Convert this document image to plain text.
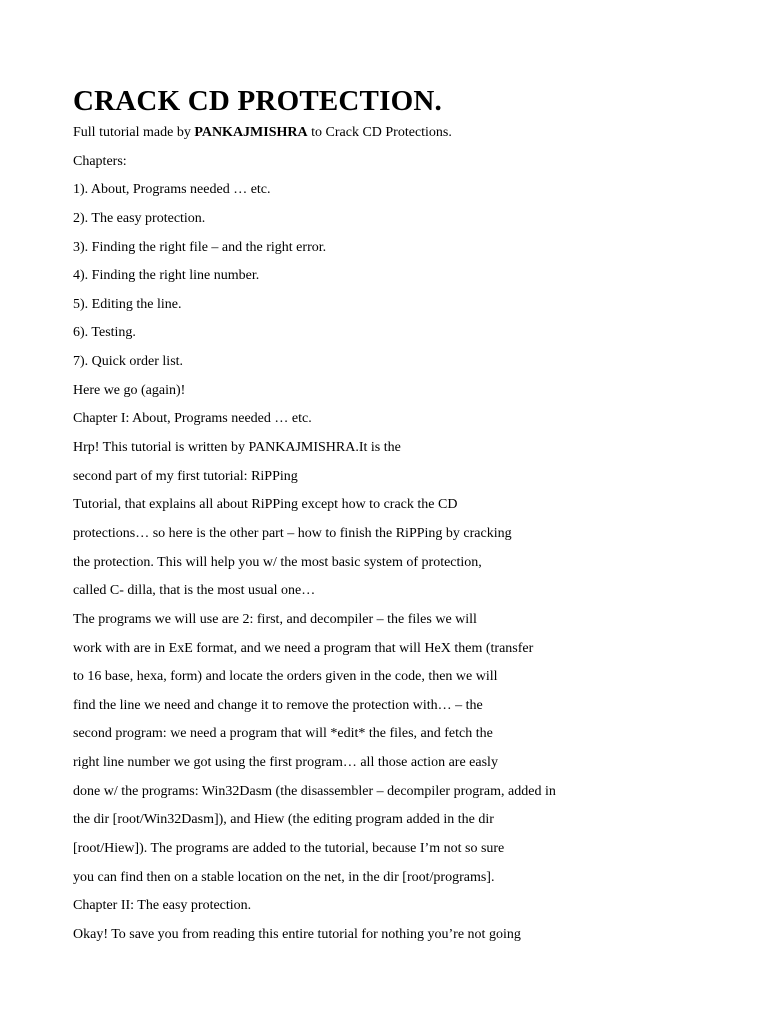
CRACK CD PROTECTION.

Full tutorial made by PANKAJMISHRA to Crack CD Protections.

Chapters:

1). About, Programs needed … etc.

2). The easy protection.

3). Finding the right file – and the right error.

4). Finding the right line number.

5). Editing the line.

6). Testing.

7). Quick order list.

Here we go (again)!

Chapter I: About, Programs needed … etc.

Hrp! This tutorial is written by PANKAJMISHRA.It is the

second part of my first tutorial: RiPPing

Tutorial, that explains all about RiPPing except how to crack the CD

protections… so here is the other part – how to finish the RiPPing by cracking

the protection. This will help you w/ the most basic system of protection,

called C- dilla, that is the most usual one…

The programs we will use are 2: first, and decompiler – the files we will

work with are in ExE format, and we need a program that will HeX them (transfer

to 16 base, hexa, form) and locate the orders given in the code, then we will

find the line we need and change it to remove the protection with… – the

second program: we need a program that will *edit* the files, and fetch the

right line number we got using the first program… all those action are easly

done w/ the programs: Win32Dasm (the disassembler – decompiler program, added in

the dir [root/Win32Dasm]), and Hiew (the editing program added in the dir

[root/Hiew]). The programs are added to the tutorial, because I’m not so sure

you can find then on a stable location on the net, in the dir [root/programs].

Chapter II: The easy protection.

Okay! To save you from reading this entire tutorial for nothing you’re not going
